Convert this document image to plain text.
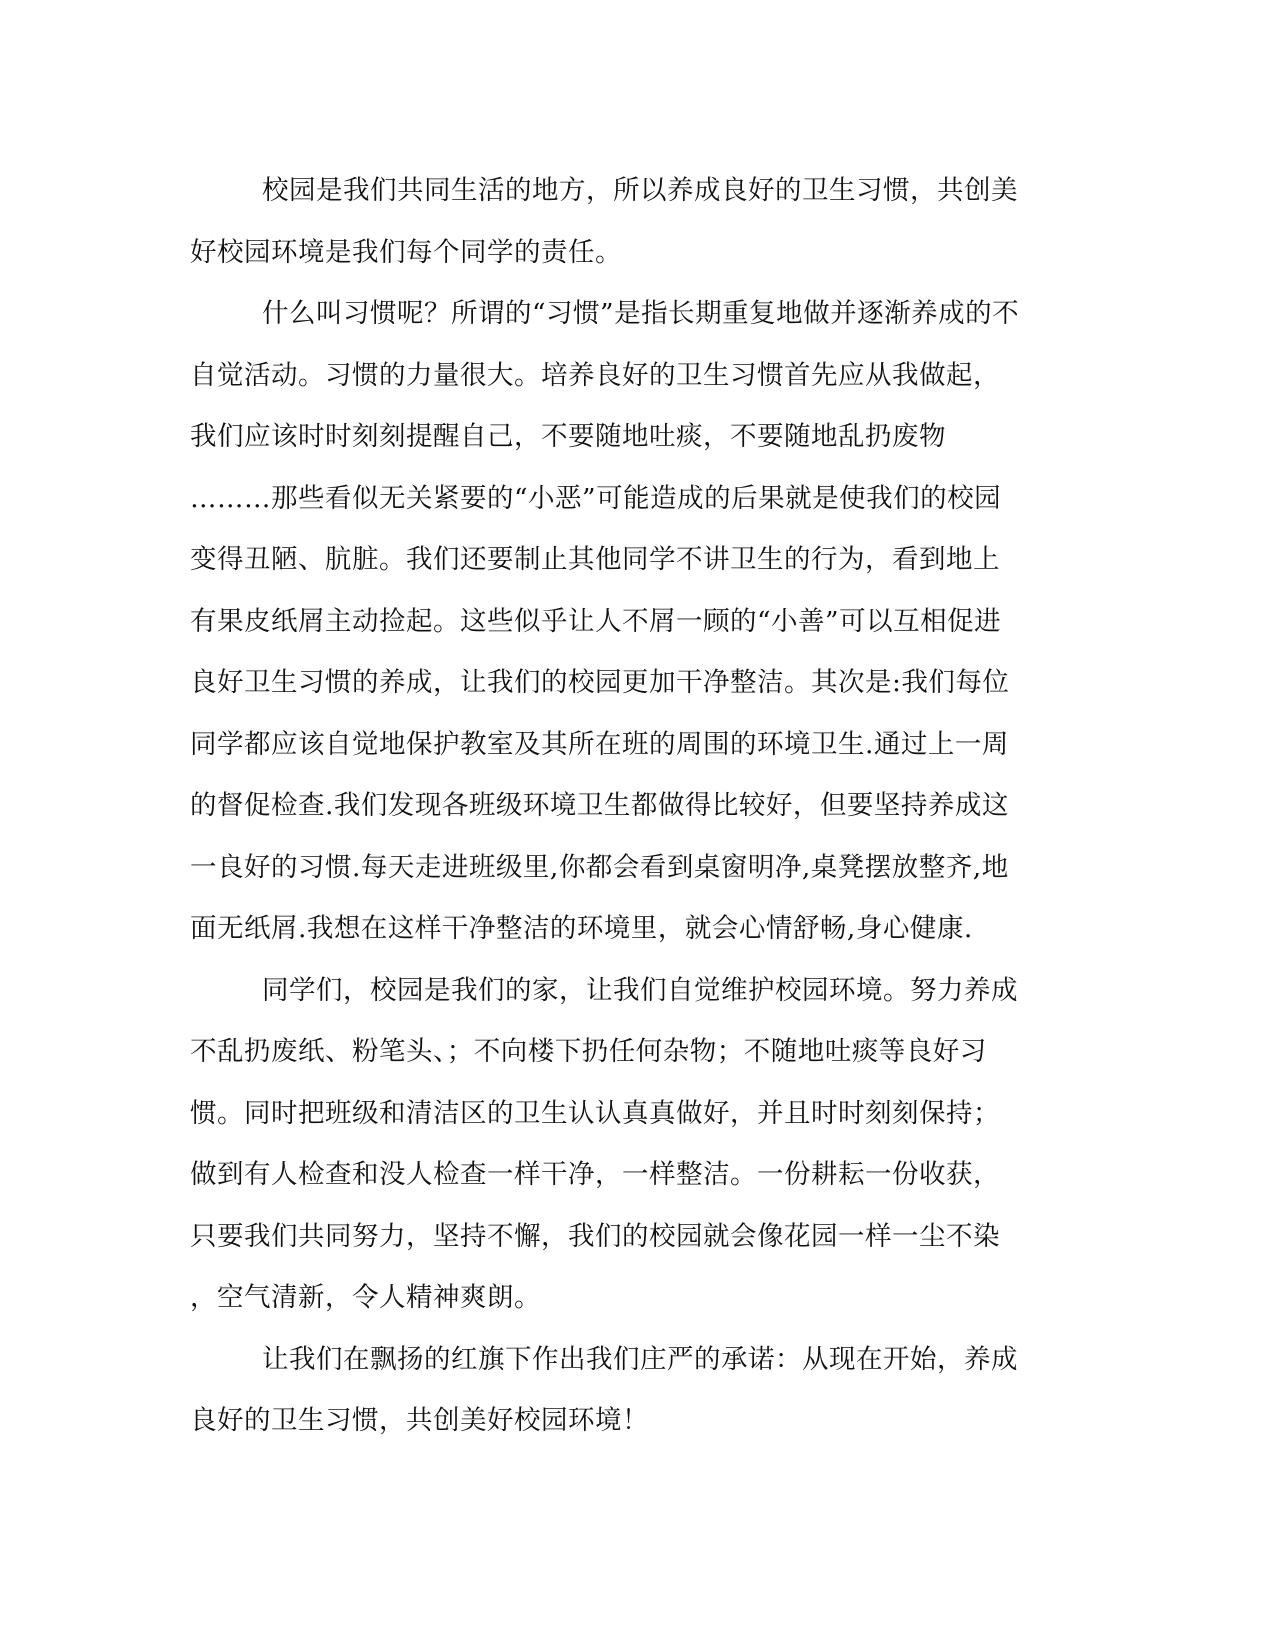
校园是我们共同生活的地方，所以养成良好的卫生习惯，共创美
好校园环境是我们每个同学的责任。
什么叫习惯呢？所谓的“习惯”是指长期重复地做并逐渐养成的不
自觉活动。习惯的力量很大。培养良好的卫生习惯首先应从我做起，
我们应该时时刻刻提醒自己，不要随地吐痰，不要随地乱扔废物
………那些看似无关紧要的“小恶”可能造成的后果就是使我们的校园
变得丑陋、肮脏。我们还要制止其他同学不讲卫生的行为，看到地上
有果皮纸屑主动捡起。这些似乎让人不屑一顾的“小善”可以互相促进
良好卫生习惯的养成，让我们的校园更加干净整洁。其次是:我们每位
同学都应该自觉地保护教室及其所在班的周围的环境卫生.通过上一周
的督促检查.我们发现各班级环境卫生都做得比较好，但要坚持养成这
一良好的习惯.每天走进班级里,你都会看到桌窗明净,桌凳摆放整齐,地
面无纸屑.我想在这样干净整洁的环境里，就会心情舒畅,身心健康.
同学们，校园是我们的家，让我们自觉维护校园环境。努力养成
不乱扔废纸、粉笔头、；不向楼下扔任何杂物；不随地吐痰等良好习
惯。同时把班级和清洁区的卫生认认真真做好，并且时时刻刻保持；
做到有人检查和没人检查一样干净，一样整洁。一份耕耘一份收获，
只要我们共同努力，坚持不懈，我们的校园就会像花园一样一尘不染
，空气清新，令人精神爽朗。
让我们在飘扬的红旗下作出我们庄严的承诺：从现在开始，养成
良好的卫生习惯，共创美好校园环境！
